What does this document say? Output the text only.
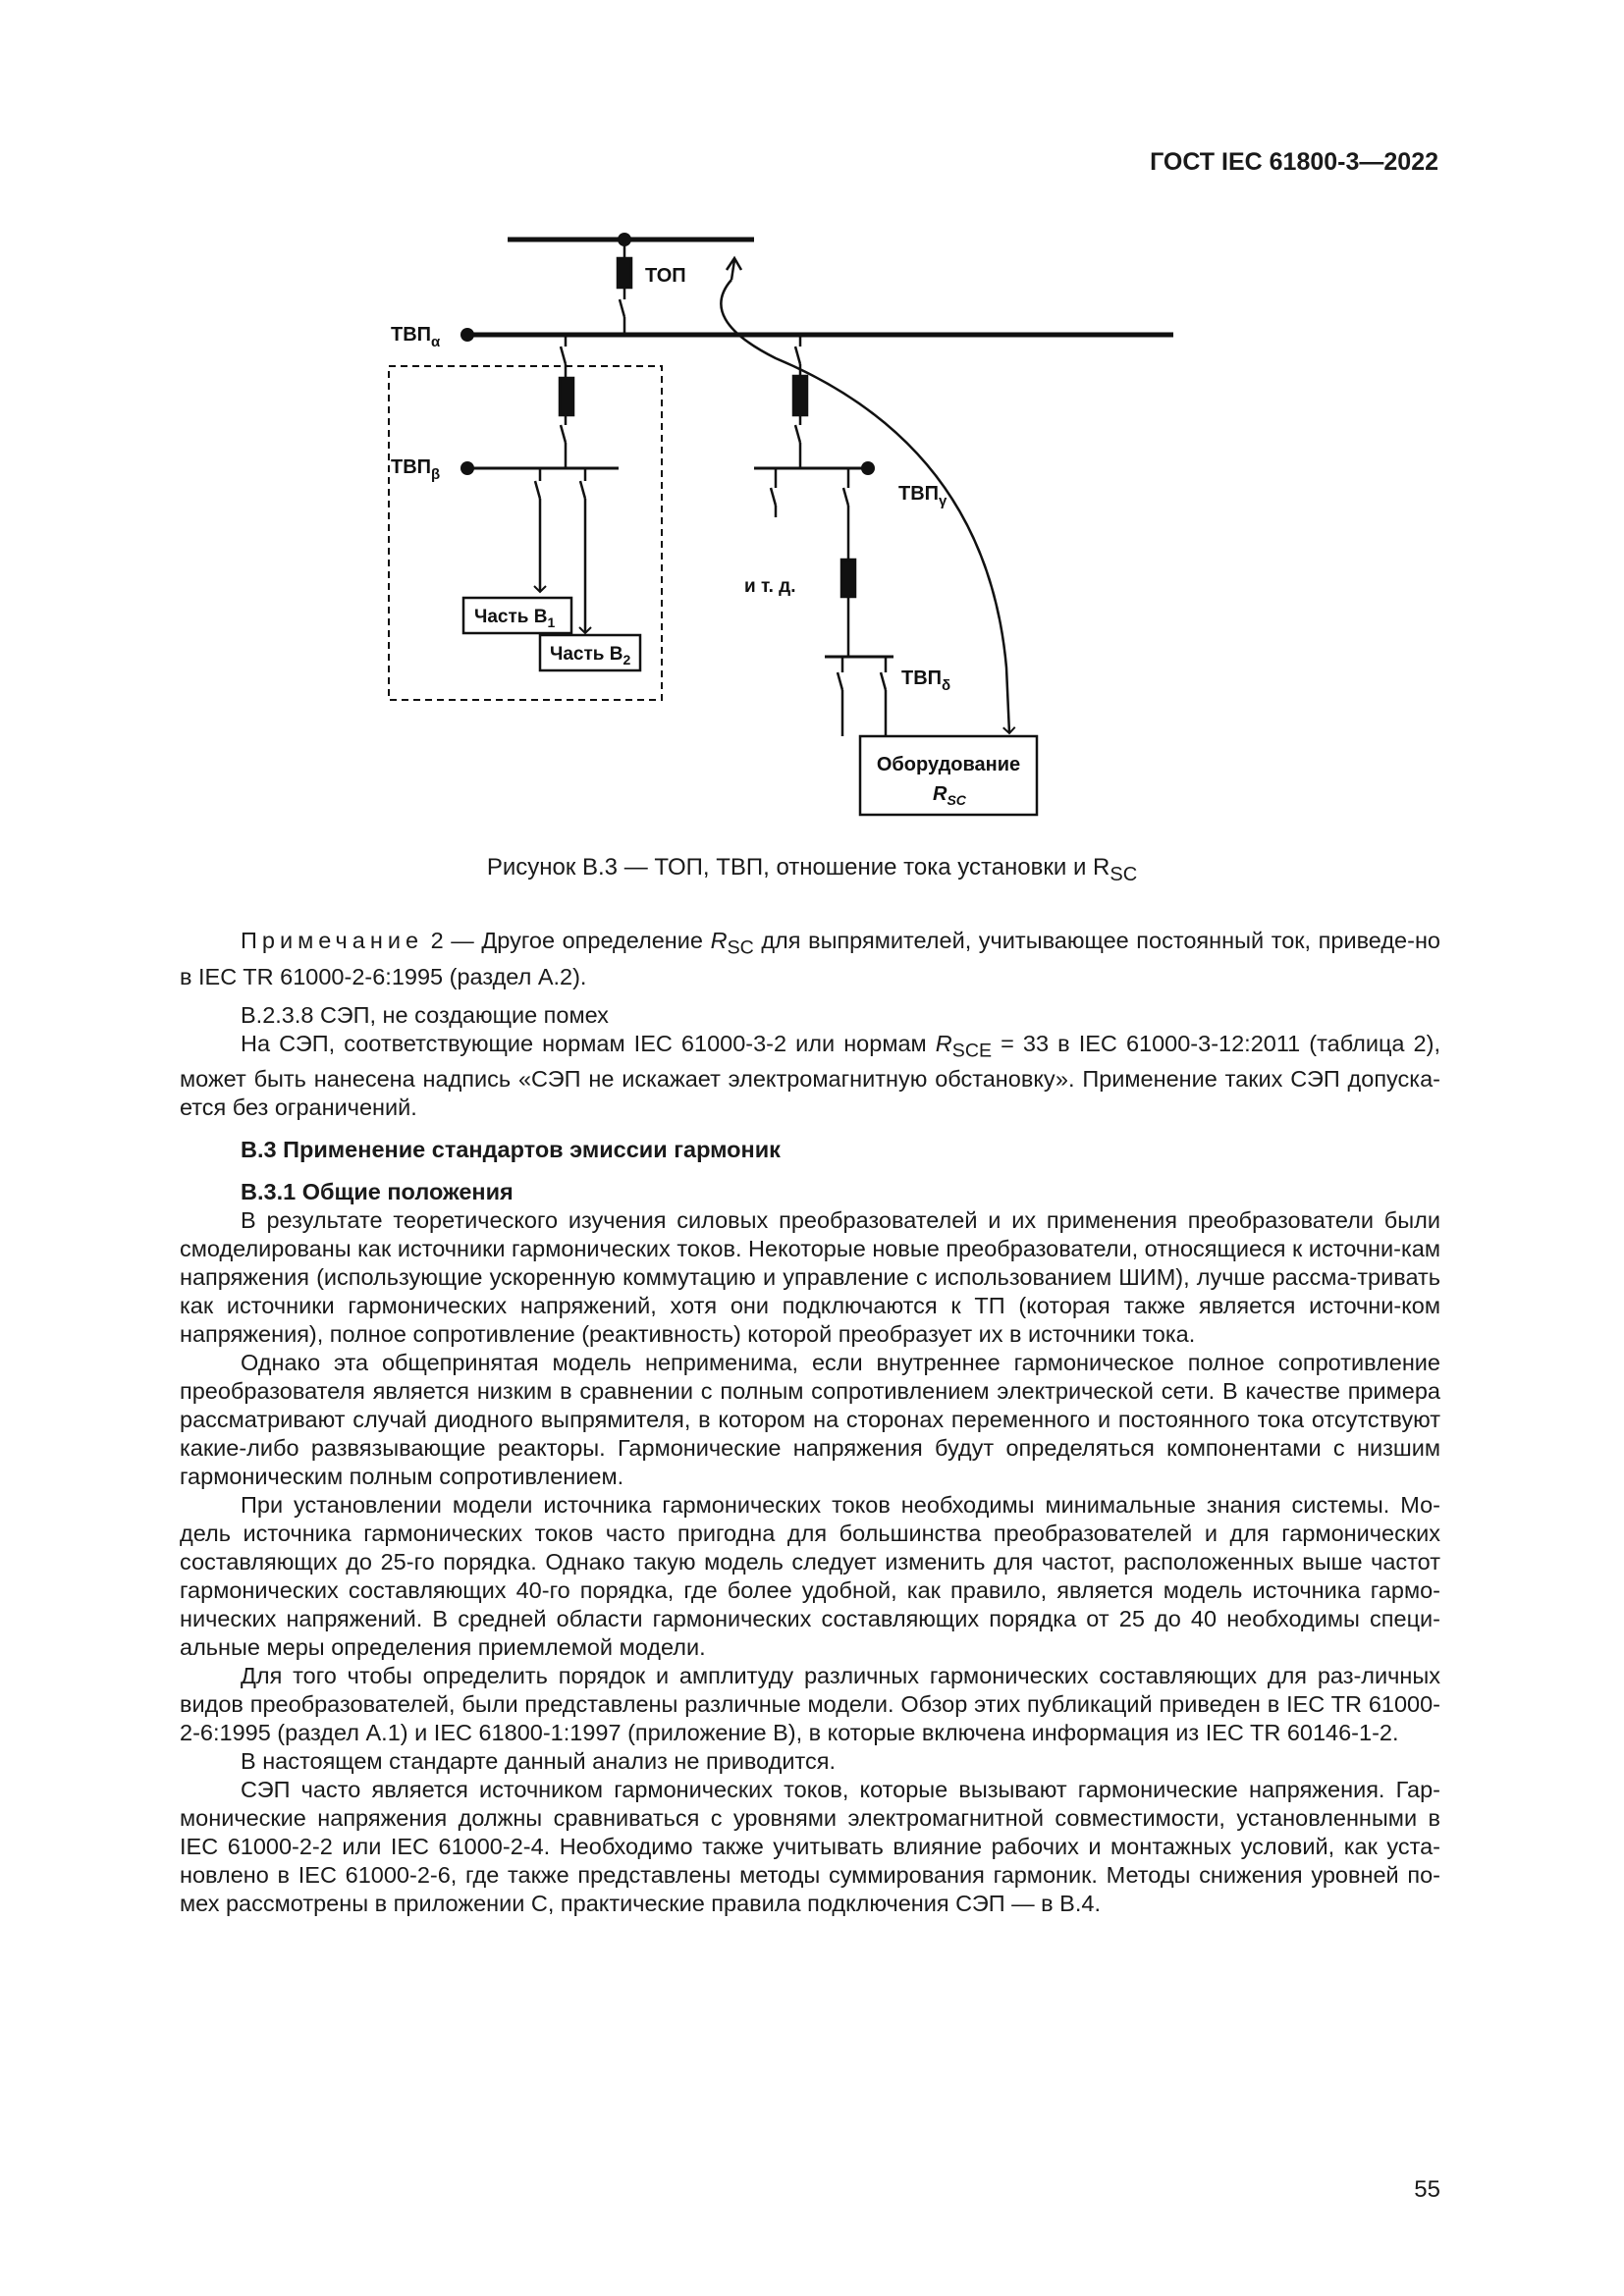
ГОСТ IEC 61800-3—2022
ТОП
$ТВП_\alpha$
$ТВП_\beta$
Часть $В_1$
Часть $В_2$
$ТВП_\gamma$
и т. д.
$ТВП_\delta$
Оборудование
$R_{SC}$
Рисунок В.3 — ТОП, ТВП, отношение тока установки и $R_{SC}$

Примечание 2 — Другое определение $R_{SC}$ для выпрямителей, учитывающее постоянный ток, приведе-но в IEC TR 61000-2-6:1995 (раздел А.2).

В.2.3.8 СЭП, не создающие помех

На СЭП, соответствующие нормам IEC 61000-3-2 или нормам $R_{SCE} = 33$ в IEC 61000-3-12:2011 (таблица 2), может быть нанесена надпись «СЭП не искажает электромагнитную обстановку». Применение таких СЭП допуска-ется без ограничений.

В.3 Применение стандартов эмиссии гармоник

В.3.1 Общие положения

В результате теоретического изучения силовых преобразователей и их применения преобразователи были смоделированы как источники гармонических токов. Некоторые новые преобразователи, относящиеся к источни-кам напряжения (использующие ускоренную коммутацию и управление с использованием ШИМ), лучше рассма-тривать как источники гармонических напряжений, хотя они подключаются к ТП (которая также является источни-ком напряжения), полное сопротивление (реактивность) которой преобразует их в источники тока.

Однако эта общепринятая модель неприменима, если внутреннее гармоническое полное сопротивление преобразователя является низким в сравнении с полным сопротивлением электрической сети. В качестве примера рассматривают случай диодного выпрямителя, в котором на сторонах переменного и постоянного тока отсутствуют какие-либо развязывающие реакторы. Гармонические напряжения будут определяться компонентами с низшим гармоническим полным сопротивлением.

При установлении модели источника гармонических токов необходимы минимальные знания системы. Мо-дель источника гармонических токов часто пригодна для большинства преобразователей и для гармонических составляющих до 25-го порядка. Однако такую модель следует изменить для частот, расположенных выше частот гармонических составляющих 40-го порядка, где более удобной, как правило, является модель источника гармо-нических напряжений. В средней области гармонических составляющих порядка от 25 до 40 необходимы специ-альные меры определения приемлемой модели.

Для того чтобы определить порядок и амплитуду различных гармонических составляющих для раз-личных видов преобразователей, были представлены различные модели. Обзор этих публикаций приведен в IEC TR 61000-2-6:1995 (раздел А.1) и IEC 61800-1:1997 (приложение В), в которые включена информация из IEC TR 60146-1-2.

В настоящем стандарте данный анализ не приводится.

СЭП часто является источником гармонических токов, которые вызывают гармонические напряжения. Гар-монические напряжения должны сравниваться с уровнями электромагнитной совместимости, установленными в IEC 61000-2-2 или IEC 61000-2-4. Необходимо также учитывать влияние рабочих и монтажных условий, как уста-новлено в IEC 61000-2-6, где также представлены методы суммирования гармоник. Методы снижения уровней по-мех рассмотрены в приложении С, практические правила подключения СЭП — в В.4.

55
